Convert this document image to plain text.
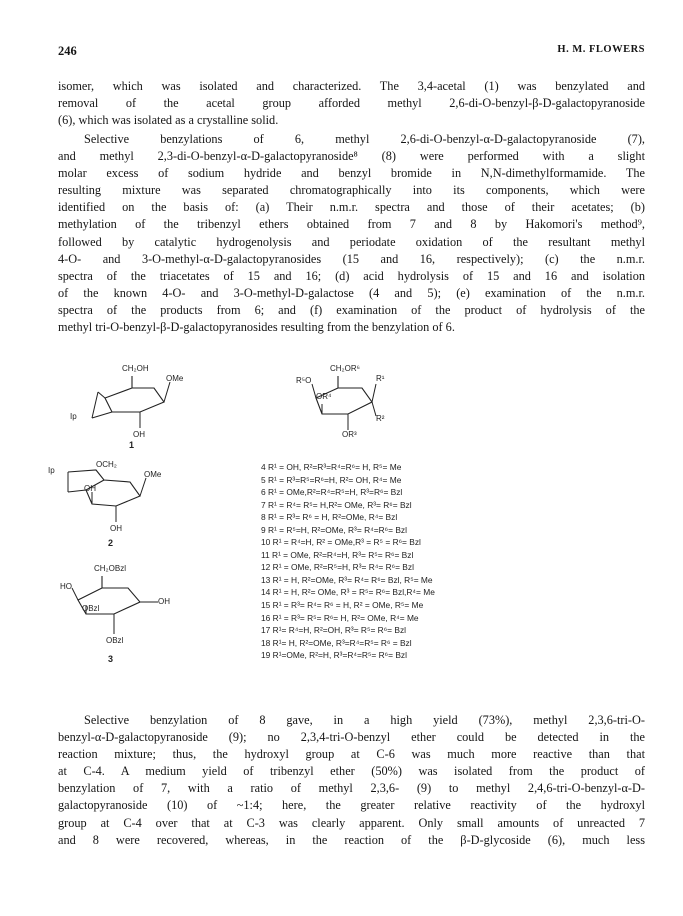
246	H. M. FLOWERS
isomer, which was isolated and characterized. The 3,4-acetal (1) was benzylated and
removal of the acetal group afforded methyl 2,6-di-O-benzyl-β-D-galactopyranoside
(6), which was isolated as a crystalline solid.
Selective benzylations of 6, methyl 2,6-di-O-benzyl-α-D-galactopyranoside (7),
and methyl 2,3-di-O-benzyl-α-D-galactopyranoside⁸ (8) were performed with a slight
molar excess of sodium hydride and benzyl bromide in N,N-dimethylformamide. The
resulting mixture was separated chromatographically into its components, which were
identified on the basis of: (a) Their n.m.r. spectra and those of their acetates; (b)
methylation of the tribenzyl ethers obtained from 7 and 8 by Hakomori's method⁹,
followed by catalytic hydrogenolysis and periodate oxidation of the resultant methyl
4-O- and 3-O-methyl-α-D-galactopyranosides (15 and 16, respectively); (c) the n.m.r.
spectra of the triacetates of 15 and 16; (d) acid hydrolysis of 15 and 16 and isolation
of the known 4-O- and 3-O-methyl-D-galactose (4 and 5); (e) examination of the n.m.r.
spectra of the products from 6; and (f) examination of the product of hydrolysis of the
methyl tri-O-benzyl-β-D-galactopyranosides resulting from the benzylation of 6.
CH₂OH
OMe
Ip
OH
1
OCH₂
Ip	OMe
OH
OH
2
CH₂OBzl
HO
OBzl
OH
OBzl
3
CH₂OR⁶
R⁵O	R¹
OR⁴
R²
OR³
4 R¹ = OH, R²=R³=R⁴=R⁶= H, R⁵= Me
5 R¹ = R³=R⁵=R⁶=H, R²= OH, R⁴= Me
6 R¹ = OMe,R²=R⁴=R⁵=H, R³=R⁶= Bzl
7 R¹ = R⁴= R⁵= H,R²= OMe, R³= R⁶= Bzl
8 R¹ = R³= R⁶ = H, R²=OMe, R⁴= Bzl
9 R¹ = R⁵=H, R²=OMe, R³= R⁴=R⁶= Bzl
10 R¹ = R⁴=H, R² = OMe,R³ = R⁵ = R⁶= Bzl
11 R¹ = OMe, R²=R⁴=H, R³= R⁵= R⁶= Bzl
12 R¹ = OMe, R²=R⁵=H, R³= R⁴= R⁶= Bzl
13 R¹ = H, R²=OMe, R³= R⁴= R⁶= Bzl, R⁵= Me
14 R¹ = H, R²= OMe, R³ = R⁵= R⁶= Bzl,R⁴= Me
15 R¹ = R³= R⁴= R⁶ = H, R² = OMe, R⁵= Me
16 R¹ = R³= R⁵= R⁶= H, R²= OMe, R⁴= Me
17 R¹= R⁴=H, R²=OH, R³= R⁵= R⁶= Bzl
18 R¹= H, R²=OMe, R³=R⁴=R⁵= R⁶ = Bzl
19 R¹=OMe, R²=H, R³=R⁴=R⁵= R⁶= Bzl
Selective benzylation of 8 gave, in a high yield (73%), methyl 2,3,6-tri-O-
benzyl-α-D-galactopyranoside (9); no 2,3,4-tri-O-benzyl ether could be detected in the
reaction mixture; thus, the hydroxyl group at C-6 was much more reactive than that
at C-4. A medium yield of tribenzyl ether (50%) was isolated from the product of
benzylation of 7, with a ratio of methyl 2,3,6- (9) to methyl 2,4,6-tri-O-benzyl-α-D-
galactopyranoside (10) of ~1:4; here, the greater relative reactivity of the hydroxyl
group at C-4 over that at C-3 was clearly apparent. Only small amounts of unreacted 7
and 8 were recovered, whereas, in the reaction of the β-D-glycoside (6), much less
